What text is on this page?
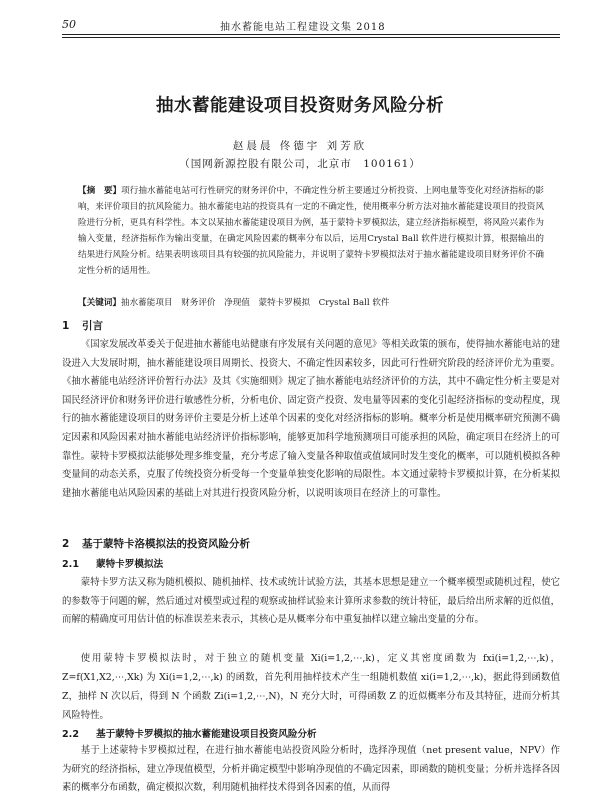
50	抽水蓄能电站工程建设文集 2018
抽水蓄能建设项目投资财务风险分析
赵晨晨 佟德宇 刘芳欣
（国网新源控股有限公司，北京市　100161）
【摘　要】项行抽水蓄能电站可行性研究的财务评价中，不确定性分析主要通过分析投资、上网电量等变化对经济指标的影响，来评价项目的抗风险能力。抽水蓄能电站的投资具有一定的不确定性，使用概率分析方法对抽水蓄能建设项目的投资风险进行分析，更具有科学性。本文以某抽水蓄能建设项目为例，基于蒙特卡罗模拟法，建立经济指标模型，将风险兴素作为输入变量，经济指标作为输出变量，在确定风险因素的概率分布以后，运用Crystal Ball 软件进行模拟计算，根据输出的结果进行风险分析。结果表明该项目具有较强的抗风险能力，并说明了蒙特卡罗模拟法对于抽水蓄能建设项目财务评价不确定性分析的适用性。
【关键词】抽水蓄能项目　财务评价　净现值　蒙特卡罗模拟　Crystal Ball 软件
1 引言
《国家发展改革委关于促进抽水蓄能电站健康有序发展有关问题的意见》等相关政策的颁布，使得抽水蓄能电站的建设进入大发展时期，抽水蓄能建设项目周期长、投资大、不确定性因素较多，因此可行性研究阶段的经济评价尤为重要。《抽水蓄能电站经济评价暂行办法》及其《实施细则》规定了抽水蓄能电站经济评价的方法，其中不确定性分析主要是对国民经济评价和财务评价进行敏感性分析，分析电价、固定资产投资、发电量等因素的变化引起经济指标的变动程度，现行的抽水蓄能建设项目的财务评价主要是分析上述单个因素的变化对经济指标的影响。概率分析是使用概率研究预测不确定因素和风险因素对抽水蓄能电站经济评价指标影响，能够更加科学地预测项目可能承担的风险，确定项目在经济上的可靠性。蒙特卡罗模拟法能够处理多维变量，充分考虑了输入变量各种取值或值域同时发生变化的概率，可以随机模拟各种变量间的动态关系，克服了传统投资分析受每一个变量单独变化影响的局限性。本文通过蒙特卡罗模拟计算，在分析某拟建抽水蓄能电站风险因素的基础上对其进行投资风险分析，以说明该项目在经济上的可靠性。
2 基于蒙特卡洛模拟法的投资风险分析
2.1 蒙特卡罗模拟法
蒙特卡罗方法又称为随机模拟、随机抽样、技术或统计试验方法，其基本思想是建立一个概率模型或随机过程，使它的参数等于问题的解，然后通过对模型或过程的观察或抽样试验来计算所求参数的统计特征，最后给出所求解的近似值，而解的精确度可用估计值的标准误差来表示，其核心是从概率分布中重复抽样以建立输出变量的分布。
使用蒙特卡罗模拟法时，对于独立的随机变量 Xi(i=1,2,⋯,k)，定义其密度函数为 fxi(i=1,2,⋯,k)，Z=f(X1,X2,⋯,Xk) 为 Xi(i=1,2,⋯,k) 的函数，首先利用抽样技术产生一组随机数值 xi(i=1,2,⋯,k)，据此得到函数值 Z，抽样 N 次以后，得到 N 个函数 Zi(i=1,2,⋯,N)，N 充分大时，可得函数 Z 的近似概率分布及其特征，进而分析其风险特性。
2.2 基于蒙特卡罗模拟的抽水蓄能建设项目投资风险分析
基于上述蒙特卡罗模拟过程，在进行抽水蓄能电站投资风险分析时，选择净现值（net present value，NPV）作为研究的经济指标，建立净现值模型，分析并确定模型中影响净现值的不确定因素，即函数的随机变量；分析并选择各因素的概率分布函数，确定模拟次数，利用随机抽样技术得到各因素的值，从而得
